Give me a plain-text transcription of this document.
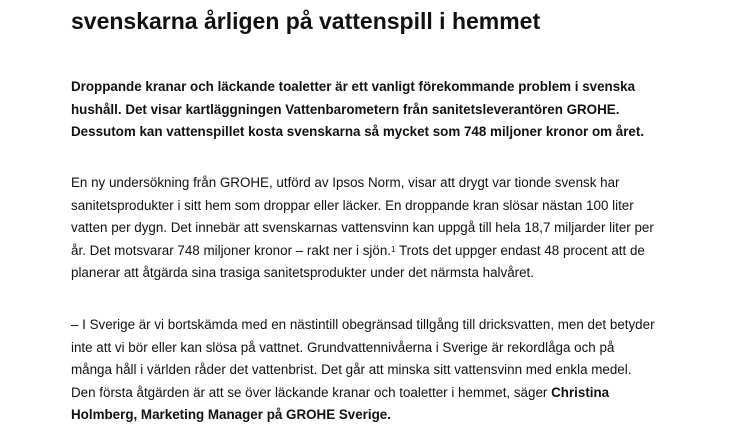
svenskarna årligen på vattenspill i hemmet
Droppande kranar och läckande toaletter är ett vanligt förekommande problem i svenska
hushåll. Det visar kartläggningen Vattenbarometern från sanitetsleverantören GROHE.
Dessutom kan vattenspillet kosta svenskarna så mycket som 748 miljoner kronor om året.
En ny undersökning från GROHE, utförd av Ipsos Norm, visar att drygt var tionde svensk har
sanitetsprodukter i sitt hem som droppar eller läcker. En droppande kran slösar nästan 100 liter
vatten per dygn. Det innebär att svenskarnas vattensvinn kan uppgå till hela 18,7 miljarder liter per
år. Det motsvarar 748 miljoner kronor – rakt ner i sjön.$^1$ Trots det uppger endast 48 procent att de
planerar att åtgärda sina trasiga sanitetsprodukter under det närmsta halvåret.
– I Sverige är vi bortskämda med en nästintill obegränsad tillgång till dricksvatten, men det betyder
inte att vi bör eller kan slösa på vattnet. Grundvattennivåerna i Sverige är rekordlåga och på
många håll i världen råder det vattenbrist. Det går att minska sitt vattensvinn med enkla medel.
Den första åtgärden är att se över läckande kranar och toaletter i hemmet, säger Christina
Holmberg, Marketing Manager på GROHE Sverige.
